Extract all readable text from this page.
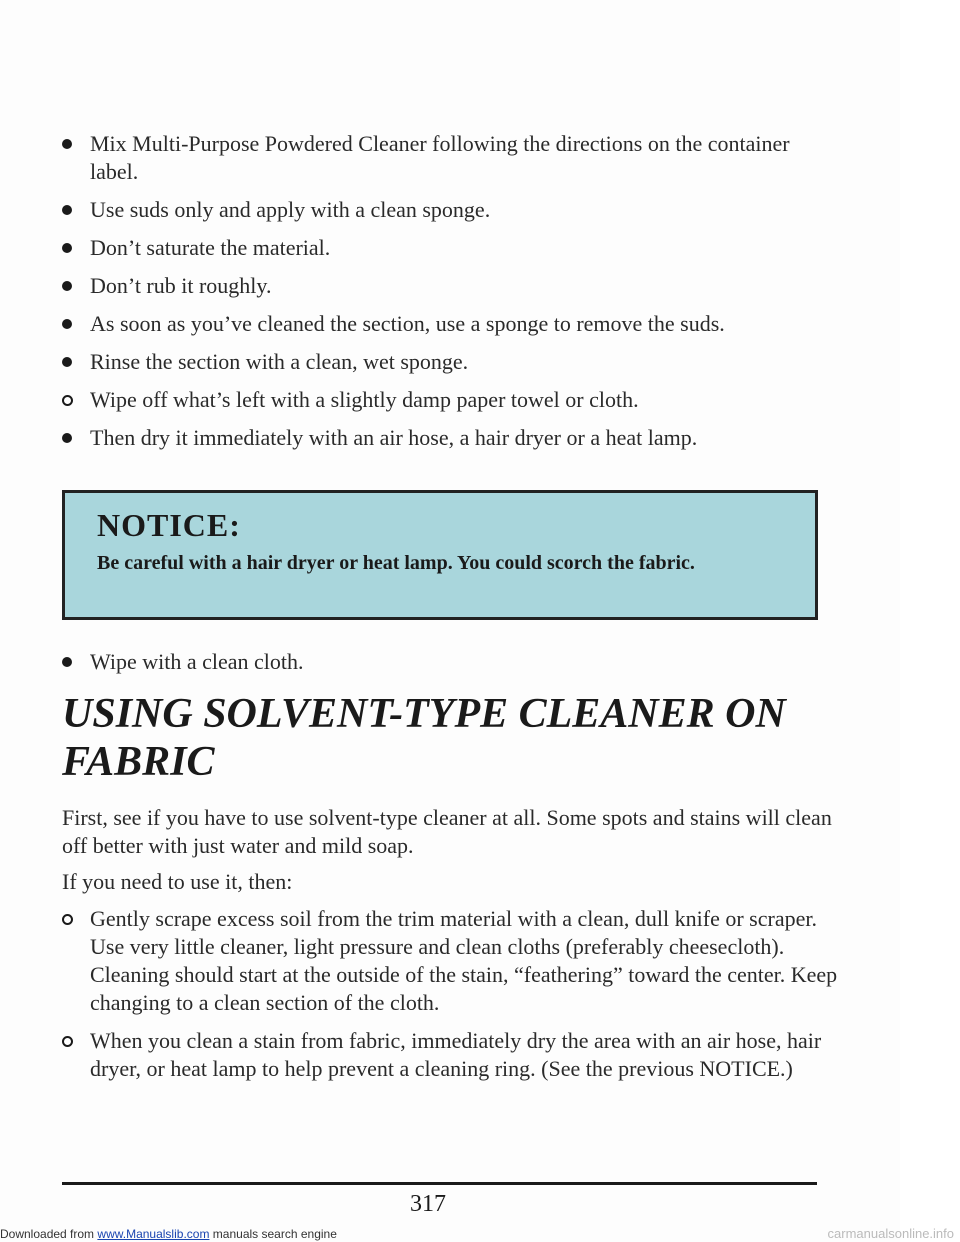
Mix Multi-Purpose Powdered Cleaner following the directions on the container label.
Use suds only and apply with a clean sponge.
Don’t saturate the material.
Don’t rub it roughly.
As soon as you’ve cleaned the section, use a sponge to remove the suds.
Rinse the section with a clean, wet sponge.
Wipe off what’s left with a slightly damp paper towel or cloth.
Then dry it immediately with an air hose, a hair dryer or a heat lamp.
NOTICE:

Be careful with a hair dryer or heat lamp. You could scorch the fabric.

Wipe with a clean cloth.
USING SOLVENT-TYPE CLEANER ON FABRIC

First, see if you have to use solvent-type cleaner at all. Some spots and stains will clean off better with just water and mild soap.

If you need to use it, then:

Gently scrape excess soil from the trim material with a clean, dull knife or scraper. Use very little cleaner, light pressure and clean cloths (preferably cheesecloth). Cleaning should start at the outside of the stain, “feathering” toward the center. Keep changing to a clean section of the cloth.
When you clean a stain from fabric, immediately dry the area with an air hose, hair dryer, or heat lamp to help prevent a cleaning ring. (See the previous NOTICE.)
317
Downloaded from www.Manualslib.com manuals search engine	carmanualsonline.info
